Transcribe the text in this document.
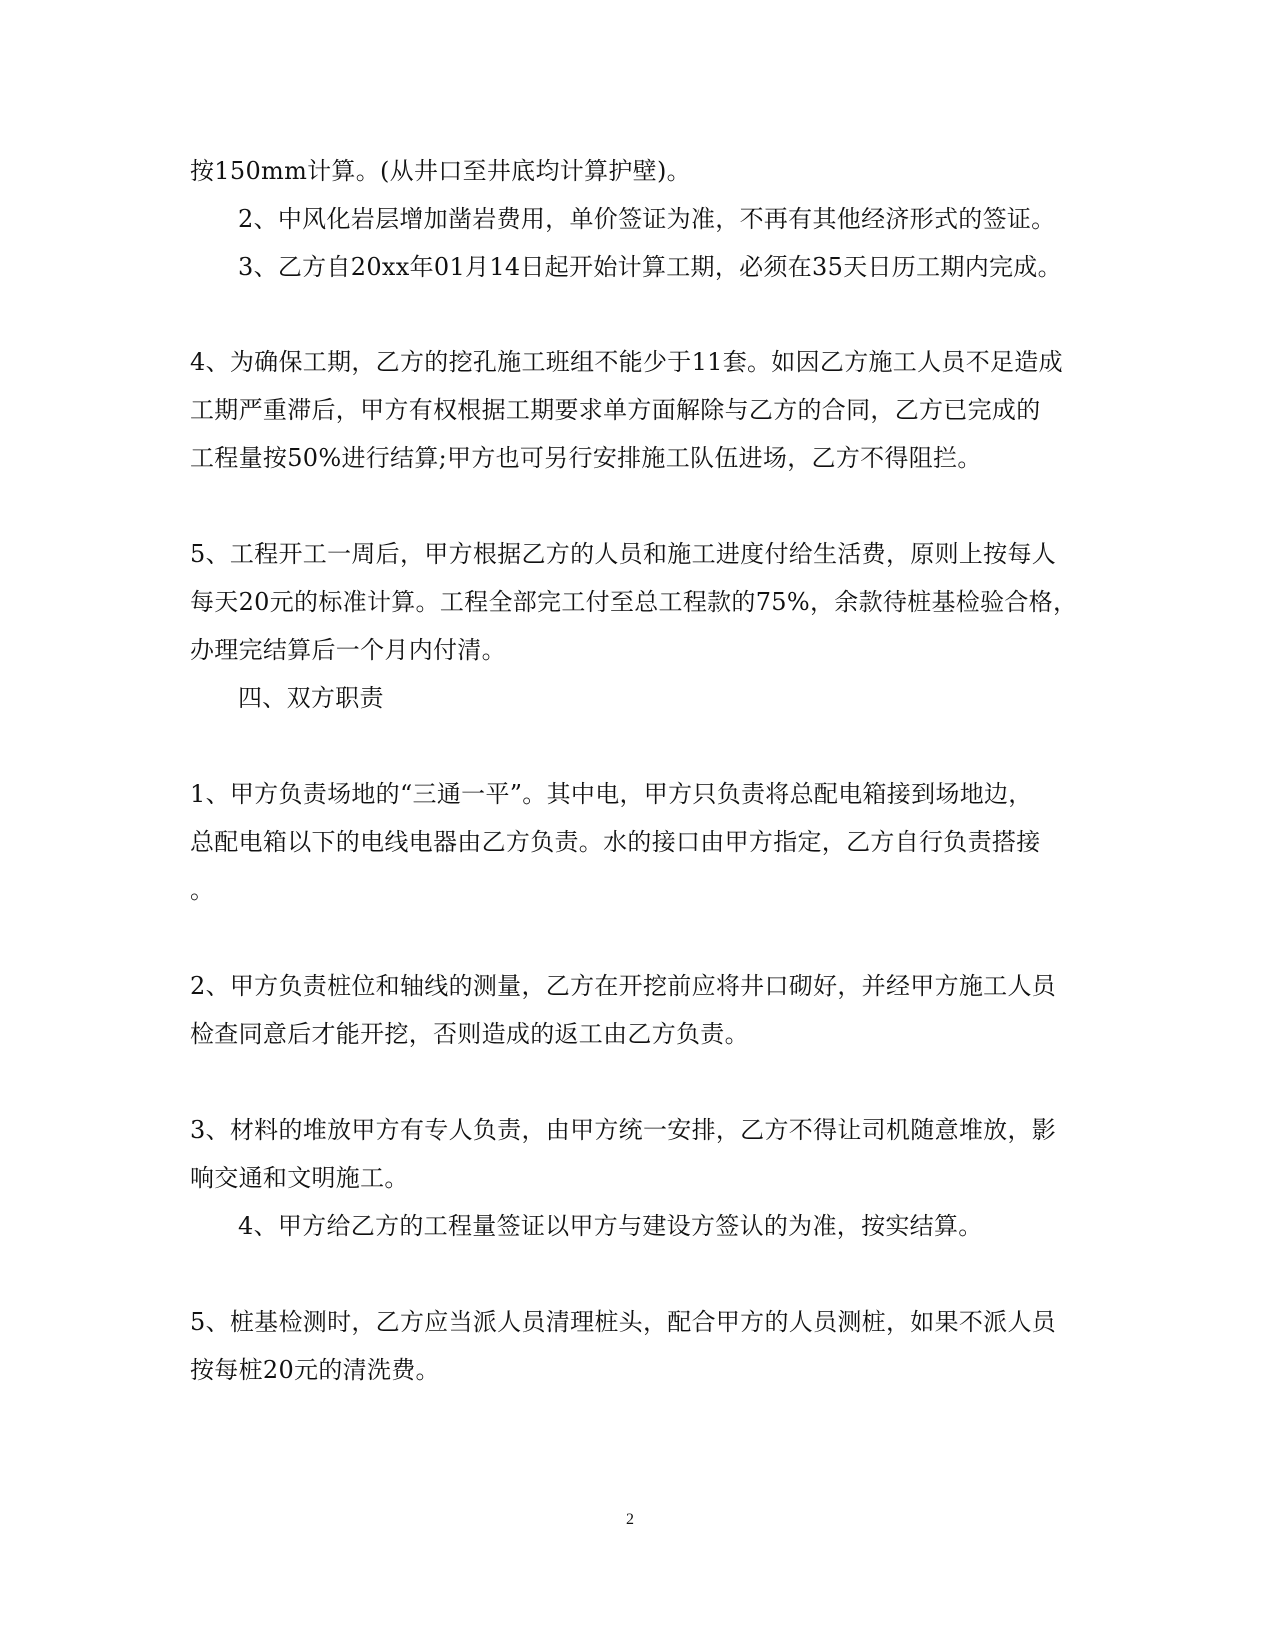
按150mm计算。(从井口至井底均计算护壁)。
2、中风化岩层增加凿岩费用，单价签证为准，不再有其他经济形式的签证。
3、乙方自20xx年01月14日起开始计算工期，必须在35天日历工期内完成。
4、为确保工期，乙方的挖孔施工班组不能少于11套。如因乙方施工人员不足造成
工期严重滞后，甲方有权根据工期要求单方面解除与乙方的合同，乙方已完成的
工程量按50%进行结算;甲方也可另行安排施工队伍进场，乙方不得阻拦。
5、工程开工一周后，甲方根据乙方的人员和施工进度付给生活费，原则上按每人
每天20元的标准计算。工程全部完工付至总工程款的75%，余款待桩基检验合格，
办理完结算后一个月内付清。
四、双方职责
1、甲方负责场地的“三通一平”。其中电，甲方只负责将总配电箱接到场地边，
总配电箱以下的电线电器由乙方负责。水的接口由甲方指定，乙方自行负责搭接
。
2、甲方负责桩位和轴线的测量，乙方在开挖前应将井口砌好，并经甲方施工人员
检查同意后才能开挖，否则造成的返工由乙方负责。
3、材料的堆放甲方有专人负责，由甲方统一安排，乙方不得让司机随意堆放，影
响交通和文明施工。
4、甲方给乙方的工程量签证以甲方与建设方签认的为准，按实结算。
5、桩基检测时，乙方应当派人员清理桩头，配合甲方的人员测桩，如果不派人员
按每桩20元的清洗费。
2
